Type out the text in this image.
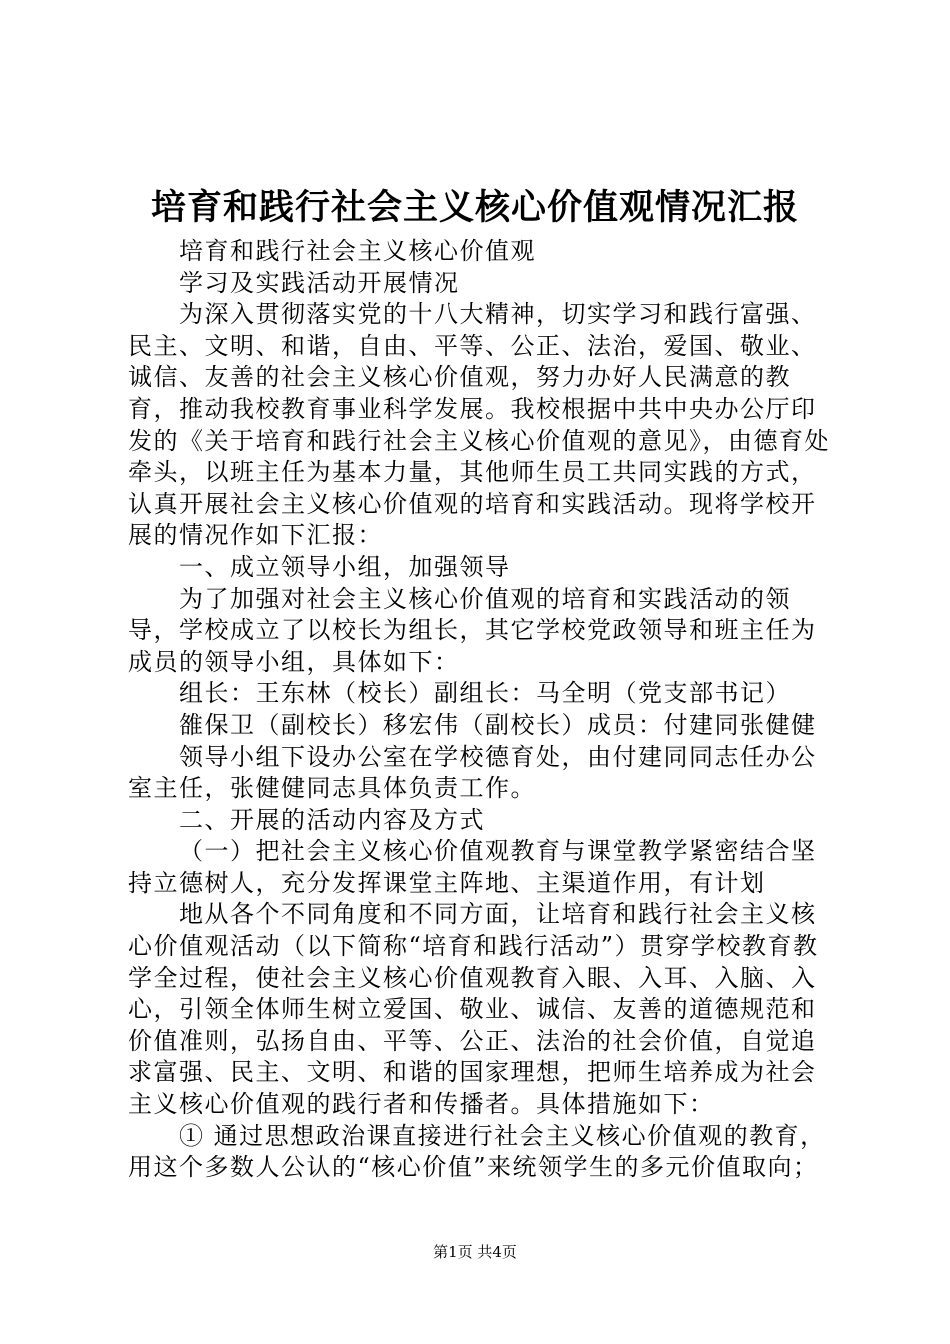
培育和践行社会主义核心价值观情况汇报

培育和践行社会主义核心价值观

学习及实践活动开展情况

为深入贯彻落实党的十八大精神，切实学习和践行富强、民主、文明、和谐，自由、平等、公正、法治，爱国、敬业、诚信、友善的社会主义核心价值观，努力办好人民满意的教育，推动我校教育事业科学发展。我校根据中共中央办公厅印发的《关于培育和践行社会主义核心价值观的意见》，由德育处牵头，以班主任为基本力量，其他师生员工共同实践的方式，认真开展社会主义核心价值观的培育和实践活动。现将学校开展的情况作如下汇报：

一、成立领导小组，加强领导

为了加强对社会主义核心价值观的培育和实践活动的领导，学校成立了以校长为组长，其它学校党政领导和班主任为成员的领导小组，具体如下：

组长：王东林（校长）副组长：马全明（党支部书记）

雒保卫（副校长）移宏伟（副校长）成员：付建同张健健

领导小组下设办公室在学校德育处，由付建同同志任办公室主任，张健健同志具体负责工作。

二、开展的活动内容及方式

（一）把社会主义核心价值观教育与课堂教学紧密结合坚持立德树人，充分发挥课堂主阵地、主渠道作用，有计划

地从各个不同角度和不同方面，让培育和践行社会主义核心价值观活动（以下简称“培育和践行活动”）贯穿学校教育教学全过程，使社会主义核心价值观教育入眼、入耳、入脑、入心，引领全体师生树立爱国、敬业、诚信、友善的道德规范和价值准则，弘扬自由、平等、公正、法治的社会价值，自觉追求富强、民主、文明、和谐的国家理想，把师生培养成为社会主义核心价值观的践行者和传播者。具体措施如下：

① 通过思想政治课直接进行社会主义核心价值观的教育，用这个多数人公认的“核心价值”来统领学生的多元价值取向；

第1页 共4页
